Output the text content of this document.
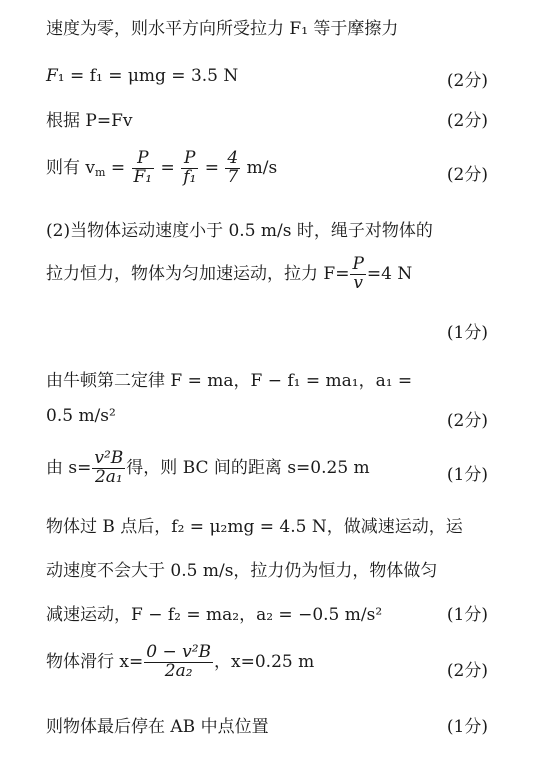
速度为零，则水平方向所受拉力 F₁ 等于摩擦力
F₁ = f₁ = μmg = 3.5 N	(2分)
根据 P=Fv	(2分)
则有 $v_m = \frac{P}{\text{F₁}} = \frac{P}{\text{f₁}} = \frac{4}{7} m/s$	(2分)
(2)当物体运动速度小于 0.5 m/s 时，绳子对物体的
拉力恒力，物体为匀加速运动，拉力 $F= \frac{P}{v} =4$ N
(1分)
由牛顿第二定律 F = ma，F − f₁ = ma₁，a₁ =
0.5 m/s²	(2分)
由 $s= \frac{\text{v²B}}{\text{2a₁}}$ 得，则 BC 间的距离 s=0.25 m	(1分)
物体过 B 点后，f₂ = μ₂mg = 4.5 N，做减速运动，运
动速度不会大于 0.5 m/s，拉力仍为恒力，物体做匀
减速运动，F − f₂ = ma₂，a₂ = −0.5 m/s²	(1分)
物体滑行 $x= \frac{\text{0 − v²B}}{\text{2a₂}}$ ，x=0.25 m	(2分)
则物体最后停在 AB 中点位置	(1分)
